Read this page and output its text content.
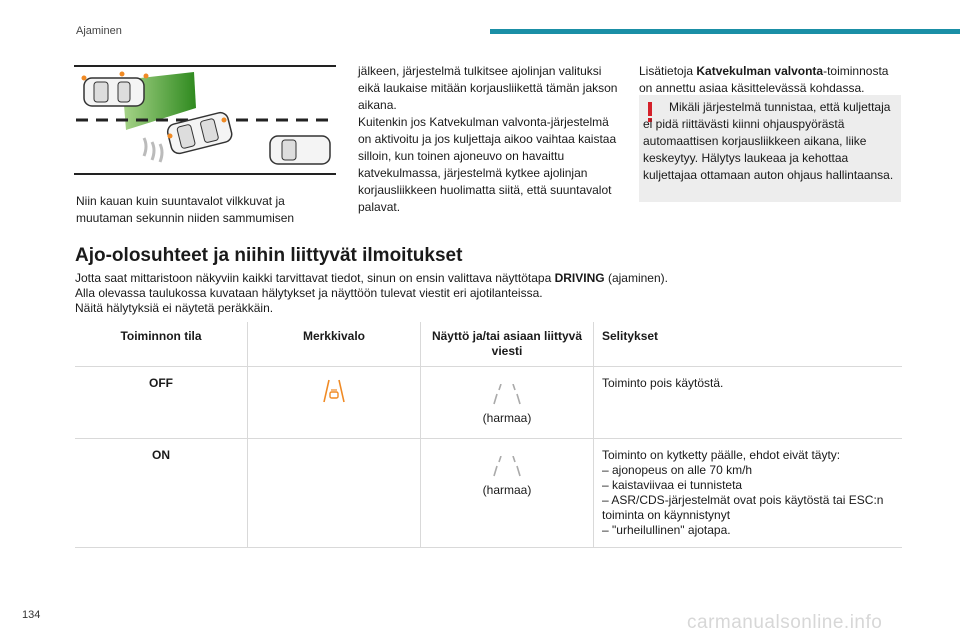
Ajaminen
Niin kauan kuin suuntavalot vilkkuvat ja muutaman sekunnin niiden sammumisen
jälkeen, järjestelmä tulkitsee ajolinjan valituksi eikä laukaise mitään korjausliikettä tämän jakson aikana.
Kuitenkin jos Katvekulman valvonta-järjestelmä on aktivoitu ja jos kuljettaja aikoo vaihtaa kaistaa silloin, kun toinen ajoneuvo on havaittu katvekulmassa, järjestelmä kytkee ajolinjan korjausliikkeen huolimatta siitä, että suuntavalot palavat.
Lisätietoja Katvekulman valvonta-toiminnosta on annettu asiaa käsittelevässä kohdassa.
Mikäli järjestelmä tunnistaa, että kuljettaja ei pidä riittävästi kiinni ohjauspyörästä automaattisen korjausliikkeen aikana, liike keskeytyy. Hälytys laukeaa ja kehottaa kuljettajaa ottamaan auton ohjaus hallintaansa.
Ajo-olosuhteet ja niihin liittyvät ilmoitukset

Jotta saat mittaristoon näkyviin kaikki tarvittavat tiedot, sinun on ensin valittava näyttötapa DRIVING (ajaminen).

Alla olevassa taulukossa kuvataan hälytykset ja näyttöön tulevat viestit eri ajotilanteissa.

Näitä hälytyksiä ei näytetä peräkkäin.

Toiminnon tila	Merkkivalo	Näyttö ja/tai asiaan liittyvä viesti	Selitykset
OFF		(harmaa)	Toiminto pois käytöstä.
ON		(harmaa)	Toiminto on kytketty päälle, ehdot eivät täyty:
– ajonopeus on alle 70 km/h
– kaistaviivaa ei tunnisteta
– ASR/CDS-järjestelmät ovat pois käytöstä tai ESC:n toiminta on käynnistynyt
– "urheilullinen" ajotapa.
134	carmanualsonline.info
